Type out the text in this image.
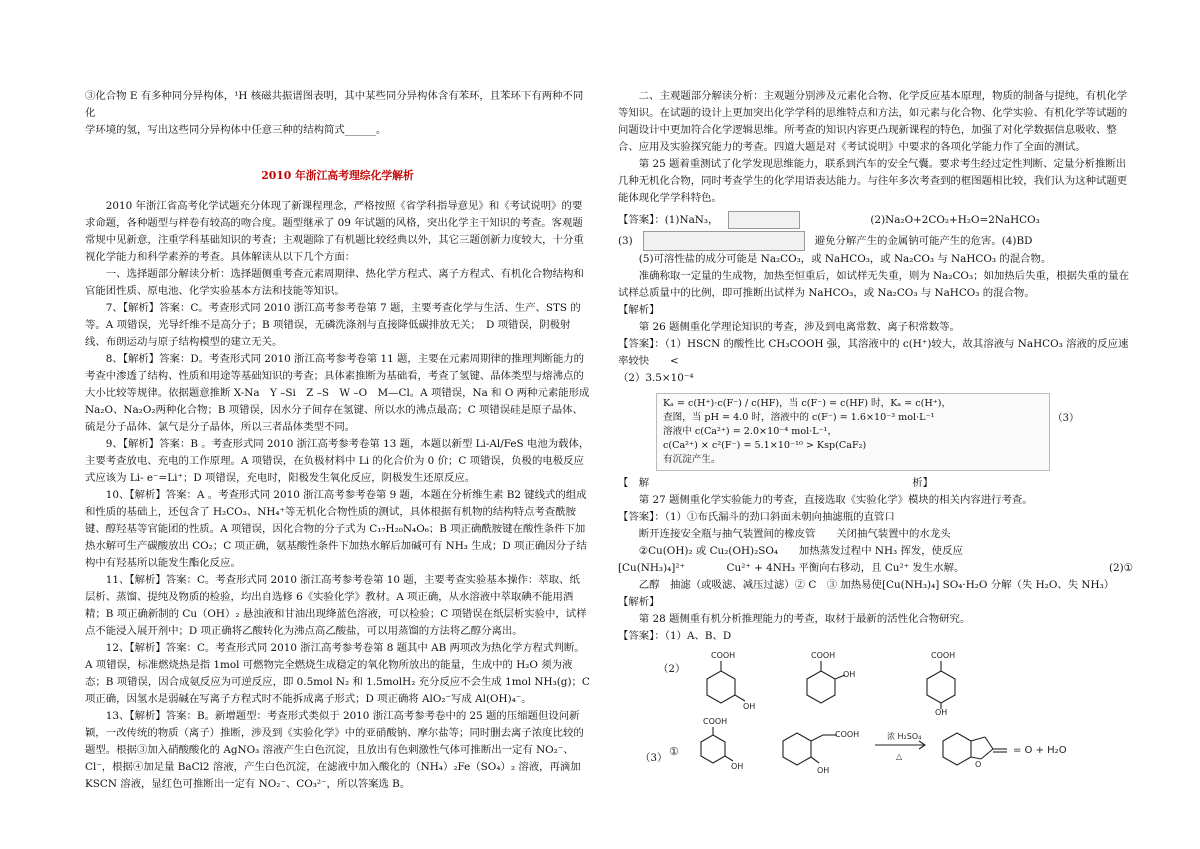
③化合物 E 有多种同分异构体，¹H 核磁共振谱图表明，其中某些同分异构体含有苯环，且苯环下有两种不同化

学环境的氢，写出这些同分异构体中任意三种的结构简式______。

2010 年浙江高考理综化学解析

2010 年浙江省高考化学试题充分体现了新课程理念，严格按照《省学科指导意见》和《考试说明》的要求命题，各种题型与样卷有较高的吻合度。题型继承了 09 年试题的风格，突出化学主干知识的考查。客观题常规中见新意，注重学科基础知识的考查；主观题除了有机题比较经典以外，其它三题创新力度较大，十分重视化学能力和科学素养的考查。具体解读从以下几个方面：

一、选择题部分解读分析：选择题侧重考查元素周期律、热化学方程式、离子方程式、有机化合物结构和官能团性质、原电池、化学实验基本方法和技能等知识。

7、【解析】答案：C。考查形式同 2010 浙江高考参考卷第 7 题，主要考查化学与生活、生产、STS 的等。A 项错误，光导纤维不是高分子；B 项错误，无磷洗涤剂与直接降低碳排放无关；　D 项错误，阴极射线、布朗运动与原子结构模型的建立无关。

8、【解析】答案：D。考查形式同 2010 浙江高考参考卷第 11 题，主要在元素周期律的推理判断能力的考查中渗透了结构、性质和用途等基础知识的考查；具体素推断为基础看，考查了氢键、晶体类型与熔沸点的大小比较等规律。依据题意推断 X-Na　Y –Si　Z –S　W –O　M—Cl。A 项错误，Na 和 O 两种元素能形成 Na₂O、Na₂O₂两种化合物；B 项错误，因水分子间存在氢键、所以水的沸点最高；C 项错误硅是原子晶体、硫是分子晶体、氯气是分子晶体，所以三者晶体类型不同。

9、【解析】答案：B 。考查形式同 2010 浙江高考参考卷第 13 题，本题以新型 Li-Al/FeS 电池为载体，主要考查放电、充电的工作原理。A 项错误，在负极材料中 Li 的化合价为 0 价；C 项错误，负极的电极反应式应该为 Li- e⁻=Li⁺；D 项错误，充电时，阳极发生氧化反应，阴极发生还原反应。

10、【解析】答案：A 。考查形式同 2010 浙江高考参考卷第 9 题，本题在分析维生素 B2 键线式的组成和性质的基础上，还包含了 H₂CO₃、NH₄⁺等无机化合物性质的测试，具体根据有机物的结构特点考查酰胺键、醇羟基等官能团的性质。A 项错误，因化合物的分子式为 C₁₇H₂₀N₄O₆；B 项正确酰胺键在酸性条件下加热水解可生产碳酸放出 CO₂；C 项正确，氨基酸性条件下加热水解后加碱可有 NH₃ 生成；D 项正确因分子结构中有羟基所以能发生酯化反应。

11、【解析】答案：C。考查形式同 2010 浙江高考参考卷第 10 题，主要考查实验基本操作：萃取、纸层析、蒸馏、提纯及物质的检验，均出自选修 6《实验化学》教材。A 项正确，从水溶液中萃取碘不能用酒精；B 项正确新制的 Cu（OH）₂ 悬浊液和甘油出现绛蓝色溶液，可以检验；C 项错误在纸层析实验中，试样点不能浸入展开剂中；D 项正确将乙酸转化为沸点高乙酸盐，可以用蒸馏的方法将乙醇分离出。

12、【解析】答案：C。考查形式同 2010 浙江高考参考卷第 8 题其中 AB 两项改为热化学方程式判断。 A 项错误，标准燃烧热是指 1mol 可燃物完全燃烧生成稳定的氧化物所放出的能量，生成中的 H₂O 须为液态；B 项错误，因合成氨反应为可逆反应，即 0.5mol N₂ 和 1.5molH₂ 充分反应不会生成 1mol NH₃(g)；C 项正确，因氢水是弱碱在写离子方程式时不能拆成离子形式；D 项正确将 AlO₂⁻写成 Al(OH)₄⁻。

13、【解析】答案：B。新增题型：考查形式类似于 2010 浙江高考参考卷中的 25 题的压缩题但设问新颖，一改传统的物质（离子）推断，涉及到《实验化学》中的亚硝酸钠、摩尔盐等；同时删去离子浓度比较的题型。根据③加入硝酸酸化的 AgNO₃ 溶液产生白色沉淀，且放出有色刺激性气体可推断出一定有 NO₂⁻、Cl⁻，根据④加足量 BaCl2 溶液，产生白色沉淀，在滤液中加入酸化的（NH₄）₂Fe（SO₄）₂ 溶液，再滴加 KSCN 溶液，显红色可推断出一定有 NO₂⁻、CO₃²⁻，所以答案选 B。

二、主观题部分解读分析：主观题分别涉及元素化合物、化学反应基本原理，物质的制备与提纯，有机化学等知识。在试题的设计上更加突出化学学科的思维特点和方法，如元素与化合物、化学实验、有机化学等试题的问题设计中更加符合化学逻辑思维。所考查的知识内容更凸现新课程的特色，加强了对化学数据信息吸收、整合、应用及实验探究能力的考查。四道大题是对《考试说明》中要求的各项化学能力作了全面的测试。

第 25 题着重测试了化学发现思维能力，联系到汽车的安全气囊。要求考生经过定性判断、定量分析推断出几种无机化合物，同时考查学生的化学用语表达能力。与往年多次考查到的框图题相比较，我们认为这种试题更能体现化学学科特色。

【答案】：(1)NaN₃，	(2)Na₂O+2CO₂+H₂O=2NaHCO₃
(3)	避免分解产生的金属钠可能产生的危害。(4)BD

(5)可溶性盐的成分可能是 Na₂CO₃，或 NaHCO₃，或 Na₂CO₃ 与 NaHCO₃ 的混合物。

准确称取一定量的生成物，加热至恒重后，如试样无失重，则为 Na₂CO₃；如加热后失重，根据失重的量在试样总质量中的比例，即可推断出试样为 NaHCO₃，或 Na₂CO₃ 与 NaHCO₃ 的混合物。

【解析】

第 26 题侧重化学理论知识的考查，涉及到电离常数、离子积常数等。

【答案】：（1）HSCN 的酸性比 CH₃COOH 强，其溶液中的 c(H⁺)较大，故其溶液与 NaHCO₃ 溶液的反应速率较快　　<

（2）3.5×10⁻⁴

Kₐ = c(H⁺)·c(F⁻) / c(HF)，当 c(F⁻) = c(HF) 时，Kₐ = c(H⁺)，
查图，当 pH = 4.0 时，溶液中的 c(F⁻) = 1.6×10⁻³ mol·L⁻¹
溶液中 c(Ca²⁺) = 2.0×10⁻⁴ mol·L⁻¹，
c(Ca²⁺) × c²(F⁻) = 5.1×10⁻¹⁰ > Ksp(CaF₂)
有沉淀产生。
（3）
【　解	析】

第 27 题侧重化学实验能力的考查，直接选取《实验化学》模块的相关内容进行考查。

【答案】：（1）①布氏漏斗的劲口斜面未朝向抽滤瓶的直管口

断开连接安全瓶与抽气装置间的橡皮管　　关闭抽气装置中的水龙头

②Cu(OH)₂ 或 Cu₂(OH)₂SO₄　　加热蒸发过程中 NH₃ 挥发，使反应

[Cu(NH₃)₄]²⁺　　　　Cu²⁺ + 4NH₃ 平衡向右移动，且 Cu²⁺ 发生水解。	(2)①

乙醇　抽滤（或吸滤、减压过滤）② C　③ 加热易使[Cu(NH₃)₄] SO₄·H₂O 分解（失 H₂O、失 NH₃）

【解析】

第 28 题侧重有机分析推理能力的考查，取材于最新的活性化合物研究。

【答案】：（1）A、B、D

（2）
COOH
OH
COOH
OH
COOH
OH
（3） ①
COOH
OH
COOH
OH
O
浓 H₂SO₄
△
= O + H₂O
